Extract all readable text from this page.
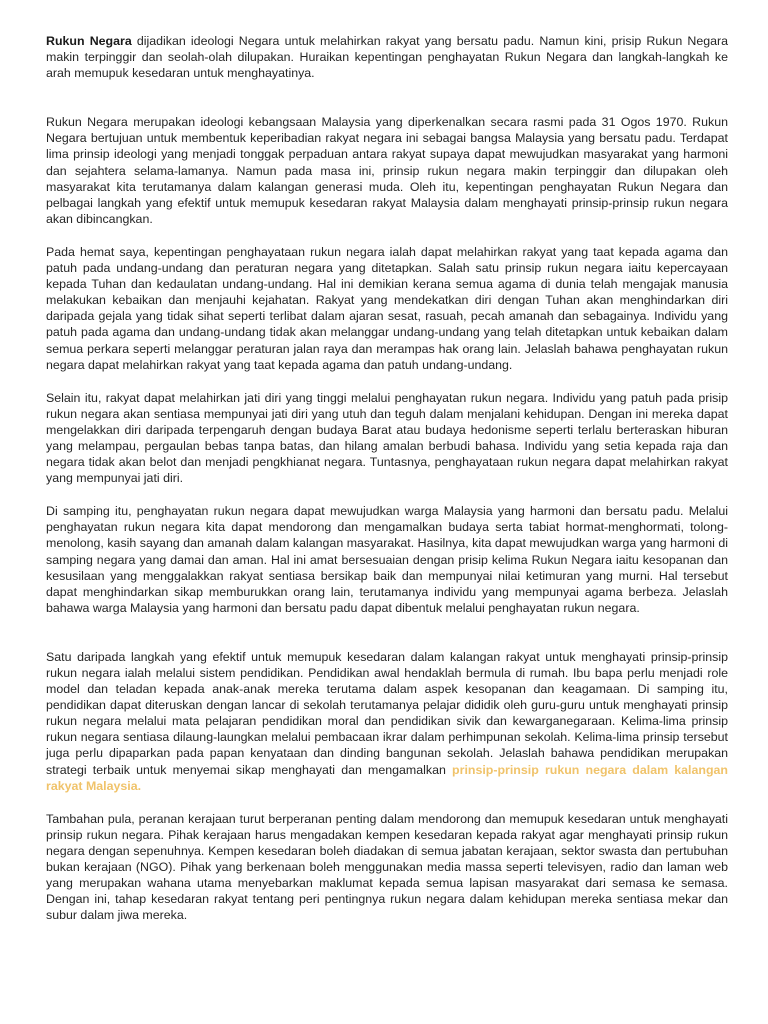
Rukun Negara dijadikan ideologi Negara untuk melahirkan rakyat yang bersatu padu. Namun kini, prisip Rukun Negara makin terpinggir dan seolah-olah dilupakan. Huraikan kepentingan penghayatan Rukun Negara dan langkah-langkah ke arah memupuk kesedaran untuk menghayatinya.

Rukun Negara merupakan ideologi kebangsaan Malaysia yang diperkenalkan secara rasmi pada 31 Ogos 1970. Rukun Negara bertujuan untuk membentuk keperibadian rakyat negara ini sebagai bangsa Malaysia yang bersatu padu. Terdapat lima prinsip ideologi yang menjadi tonggak perpaduan antara rakyat supaya dapat mewujudkan masyarakat yang harmoni dan sejahtera selama-lamanya. Namun pada masa ini, prinsip rukun negara makin terpinggir dan dilupakan oleh masyarakat kita terutamanya dalam kalangan generasi muda. Oleh itu, kepentingan penghayatan Rukun Negara dan pelbagai langkah yang efektif untuk memupuk kesedaran rakyat Malaysia dalam menghayati prinsip-prinsip rukun negara akan dibincangkan.

Pada hemat saya, kepentingan penghayataan rukun negara ialah dapat melahirkan rakyat yang taat kepada agama dan patuh pada undang-undang dan peraturan negara yang ditetapkan. Salah satu prinsip rukun negara iaitu kepercayaan kepada Tuhan dan kedaulatan undang-undang. Hal ini demikian kerana semua agama di dunia telah mengajak manusia melakukan kebaikan dan menjauhi kejahatan. Rakyat yang mendekatkan diri dengan Tuhan akan menghindarkan diri daripada gejala yang tidak sihat seperti terlibat dalam ajaran sesat, rasuah, pecah amanah dan sebagainya. Individu yang patuh pada agama dan undang-undang tidak akan melanggar undang-undang yang telah ditetapkan untuk kebaikan dalam semua perkara seperti melanggar peraturan jalan raya dan merampas hak orang lain. Jelaslah bahawa penghayatan rukun negara dapat melahirkan rakyat yang taat kepada agama dan patuh undang-undang.

Selain itu, rakyat dapat melahirkan jati diri yang tinggi melalui penghayatan rukun negara. Individu yang patuh pada prisip rukun negara akan sentiasa mempunyai jati diri yang utuh dan teguh dalam menjalani kehidupan. Dengan ini mereka dapat mengelakkan diri daripada terpengaruh dengan budaya Barat atau budaya hedonisme seperti terlalu berteraskan hiburan yang melampau, pergaulan bebas tanpa batas, dan hilang amalan berbudi bahasa. Individu yang setia kepada raja dan negara tidak akan belot dan menjadi pengkhianat negara. Tuntasnya, penghayataan rukun negara dapat melahirkan rakyat yang mempunyai jati diri.

Di samping itu, penghayatan rukun negara dapat mewujudkan warga Malaysia yang harmoni dan bersatu padu. Melalui penghayatan rukun negara kita dapat mendorong dan mengamalkan budaya serta tabiat hormat-menghormati, tolong-menolong, kasih sayang dan amanah dalam kalangan masyarakat. Hasilnya, kita dapat mewujudkan warga yang harmoni di samping negara yang damai dan aman. Hal ini amat bersesuaian dengan prisip kelima Rukun Negara iaitu kesopanan dan kesusilaan yang menggalakkan rakyat sentiasa bersikap baik dan mempunyai nilai ketimuran yang murni. Hal tersebut dapat menghindarkan sikap memburukkan orang lain, terutamanya individu yang mempunyai agama berbeza. Jelaslah bahawa warga Malaysia yang harmoni dan bersatu padu dapat dibentuk melalui penghayatan rukun negara.

Satu daripada langkah yang efektif untuk memupuk kesedaran dalam kalangan rakyat untuk menghayati prinsip-prinsip rukun negara ialah melalui sistem pendidikan. Pendidikan awal hendaklah bermula di rumah. Ibu bapa perlu menjadi role model dan teladan kepada anak-anak mereka terutama dalam aspek kesopanan dan keagamaan. Di samping itu, pendidikan dapat diteruskan dengan lancar di sekolah terutamanya pelajar dididik oleh guru-guru untuk menghayati prinsip rukun negara melalui mata pelajaran pendidikan moral dan pendidikan sivik dan kewarganegaraan. Kelima-lima prinsip rukun negara sentiasa dilaung-laungkan melalui pembacaan ikrar dalam perhimpunan sekolah. Kelima-lima prinsip tersebut juga perlu dipaparkan pada papan kenyataan dan dinding bangunan sekolah. Jelaslah bahawa pendidikan merupakan strategi terbaik untuk menyemai sikap menghayati dan mengamalkan prinsip-prinsip rukun negara dalam kalangan rakyat Malaysia.

Tambahan pula, peranan kerajaan turut berperanan penting dalam mendorong dan memupuk kesedaran untuk menghayati prinsip rukun negara. Pihak kerajaan harus mengadakan kempen kesedaran kepada rakyat agar menghayati prinsip rukun negara dengan sepenuhnya. Kempen kesedaran boleh diadakan di semua jabatan kerajaan, sektor swasta dan pertubuhan bukan kerajaan (NGO). Pihak yang berkenaan boleh menggunakan media massa seperti televisyen, radio dan laman web yang merupakan wahana utama menyebarkan maklumat kepada semua lapisan masyarakat dari semasa ke semasa. Dengan ini, tahap kesedaran rakyat tentang peri pentingnya rukun negara dalam kehidupan mereka sentiasa mekar dan subur dalam jiwa mereka.
